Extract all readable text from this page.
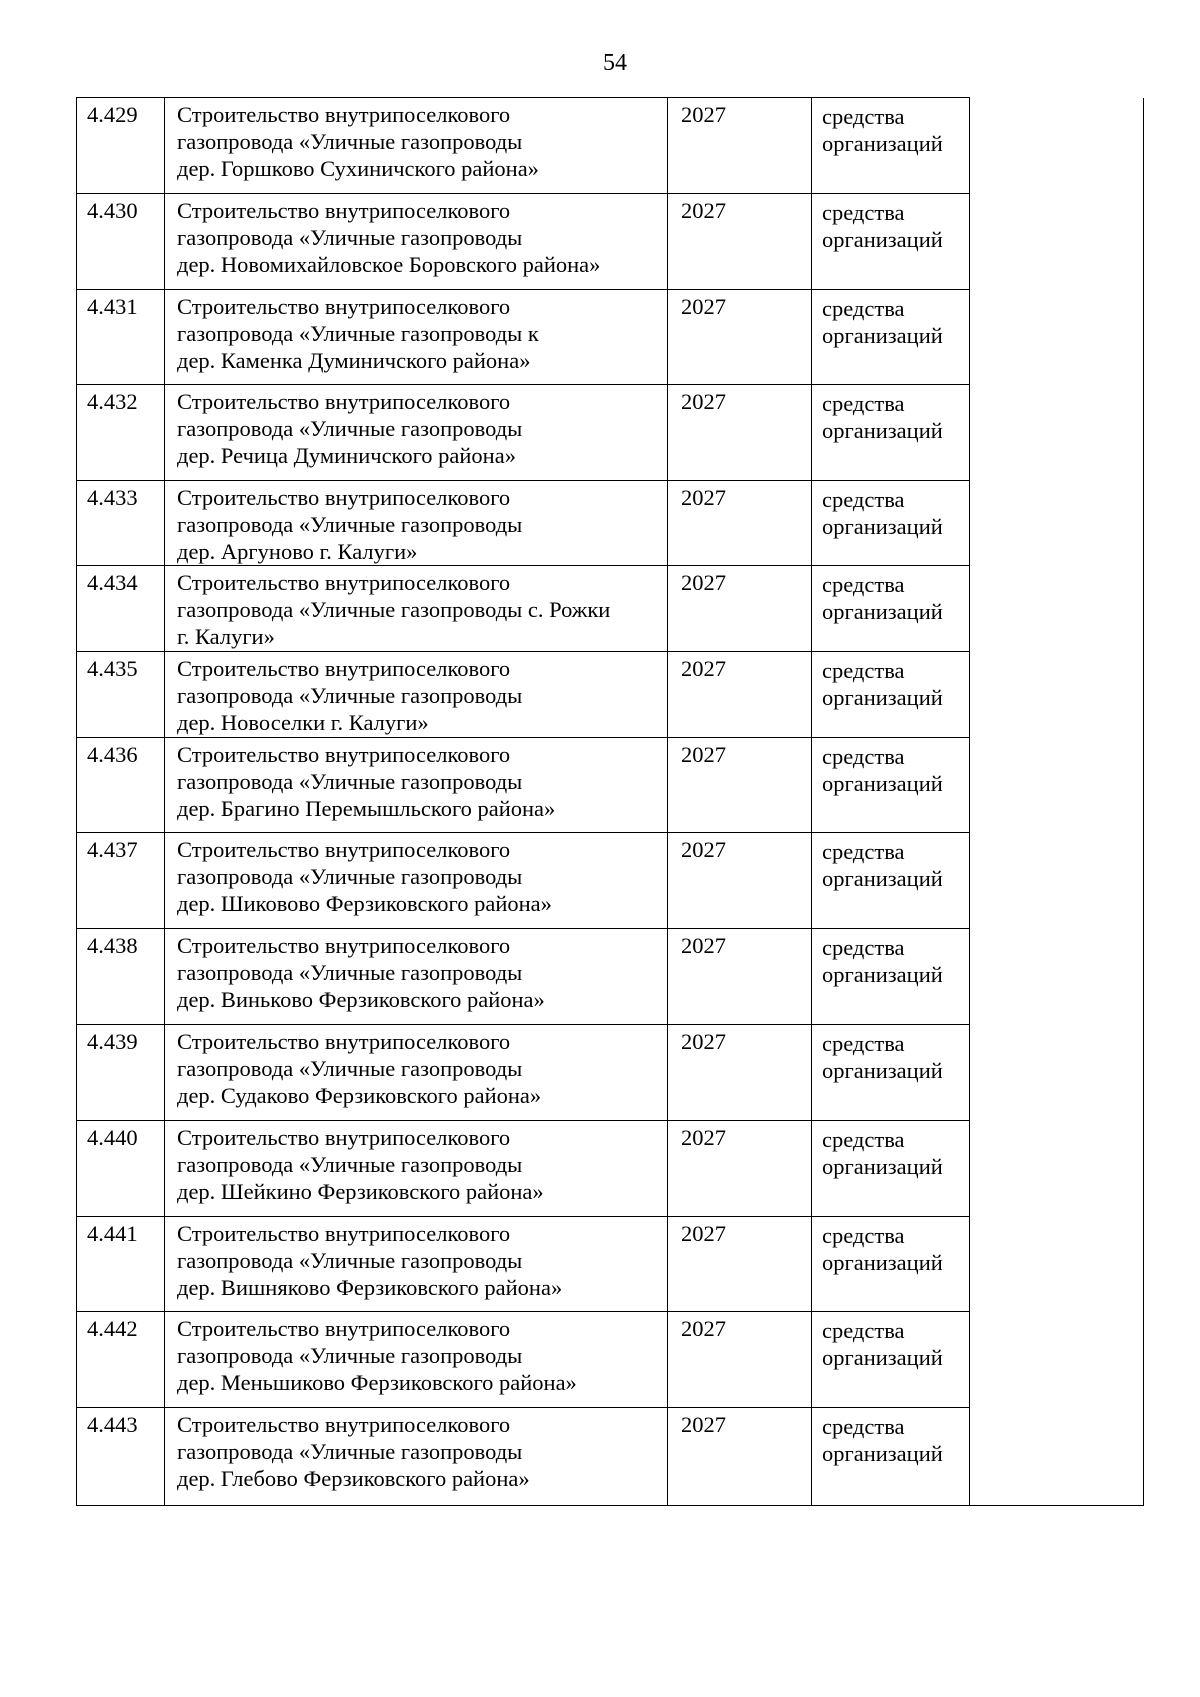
54
4.429	Строительство внутрипоселкового
газопровода «Уличные газопроводы
дер. Горшково Сухиничского района»	2027	средства
организаций	
4.430	Строительство внутрипоселкового
газопровода «Уличные газопроводы
дер. Новомихайловское Боровского района»	2027	средства
организаций	
4.431	Строительство внутрипоселкового
газопровода «Уличные газопроводы к
дер. Каменка Думиничского района»	2027	средства
организаций	
4.432	Строительство внутрипоселкового
газопровода «Уличные газопроводы
дер. Речица Думиничского района»	2027	средства
организаций	
4.433	Строительство внутрипоселкового
газопровода «Уличные газопроводы
дер. Аргуново г. Калуги»	2027	средства
организаций	
4.434	Строительство внутрипоселкового
газопровода «Уличные газопроводы с. Рожки
г. Калуги»	2027	средства
организаций	
4.435	Строительство внутрипоселкового
газопровода «Уличные газопроводы
дер. Новоселки г. Калуги»	2027	средства
организаций	
4.436	Строительство внутрипоселкового
газопровода «Уличные газопроводы
дер. Брагино Перемышльского района»	2027	средства
организаций	
4.437	Строительство внутрипоселкового
газопровода «Уличные газопроводы
дер. Шиковово Ферзиковского района»	2027	средства
организаций	
4.438	Строительство внутрипоселкового
газопровода «Уличные газопроводы
дер. Виньково Ферзиковского района»	2027	средства
организаций	
4.439	Строительство внутрипоселкового
газопровода «Уличные газопроводы
дер. Судаково Ферзиковского района»	2027	средства
организаций	
4.440	Строительство внутрипоселкового
газопровода «Уличные газопроводы
дер. Шейкино Ферзиковского района»	2027	средства
организаций	
4.441	Строительство внутрипоселкового
газопровода «Уличные газопроводы
дер. Вишняково Ферзиковского района»	2027	средства
организаций	
4.442	Строительство внутрипоселкового
газопровода «Уличные газопроводы
дер. Меньшиково Ферзиковского района»	2027	средства
организаций	
4.443	Строительство внутрипоселкового
газопровода «Уличные газопроводы
дер. Глебово Ферзиковского района»	2027	средства
организаций	
